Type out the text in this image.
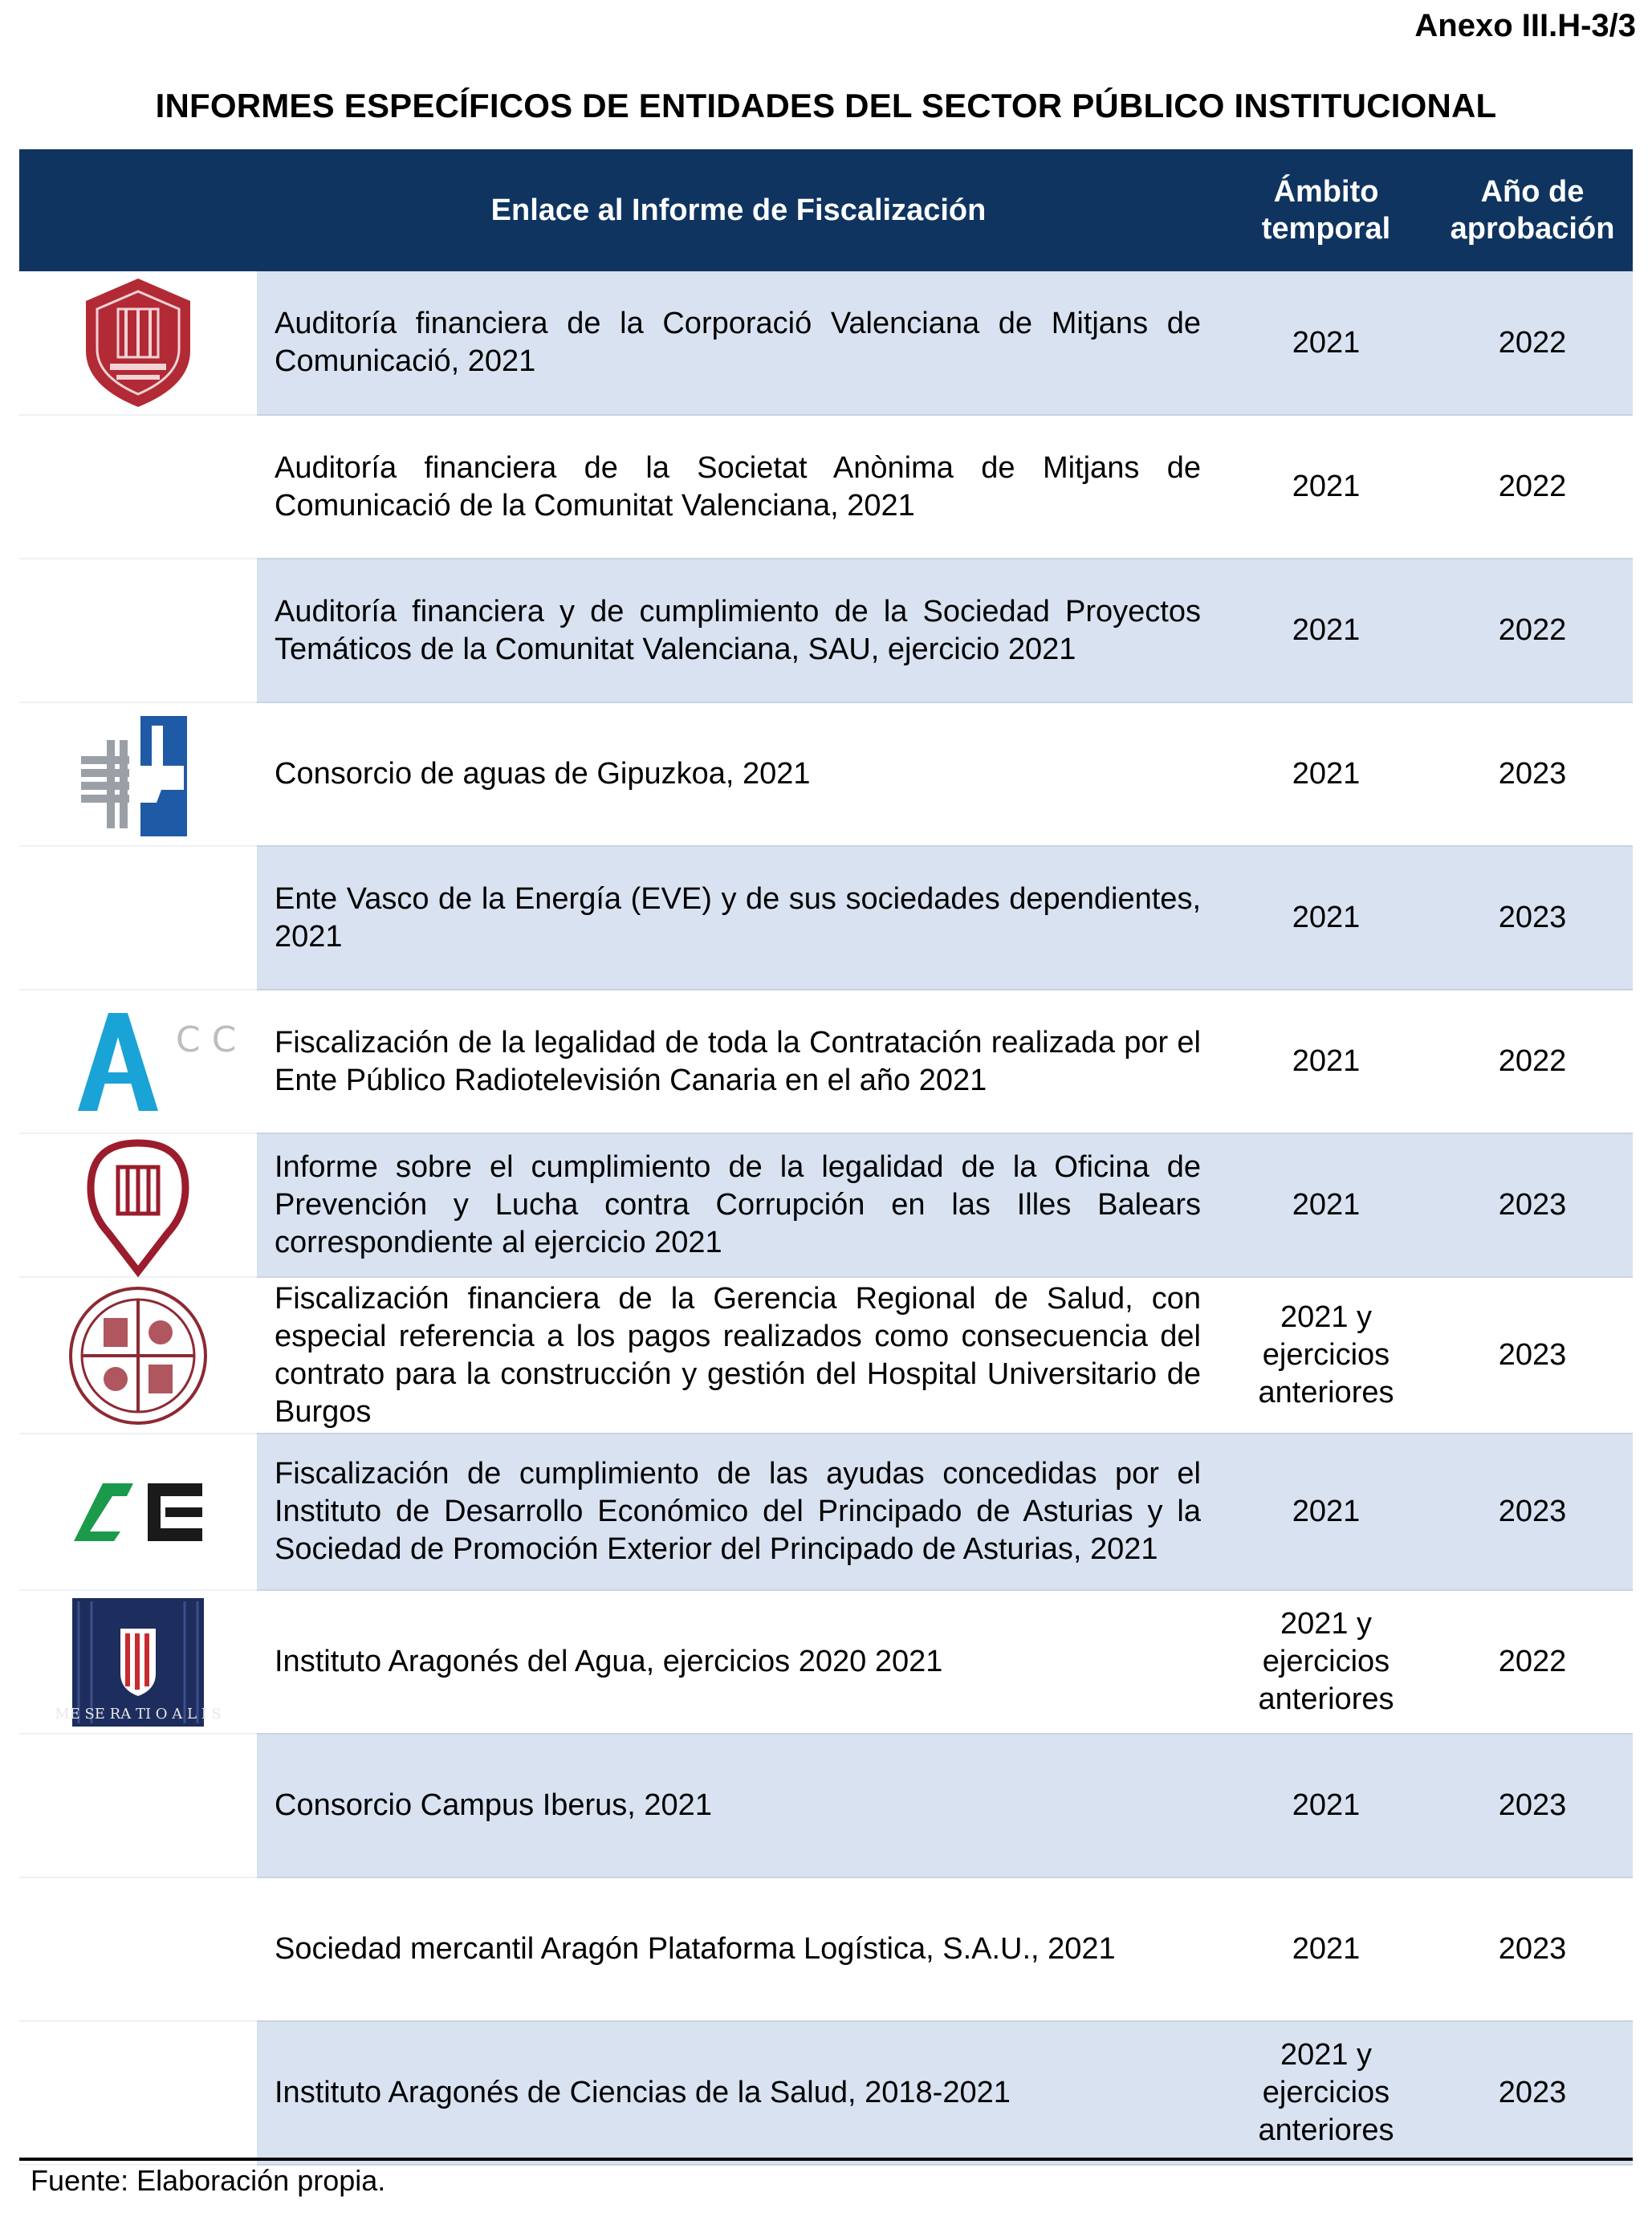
Anexo III.H-3/3
INFORMES ESPECÍFICOS DE ENTIDADES DEL SECTOR PÚBLICO INSTITUCIONAL
	Enlace al Informe de Fiscalización	Ámbito temporal	Año de aprobación

	Auditoría financiera de la Corporació Valenciana de Mitjans de Comunicació, 2021	2021	2022
	Auditoría financiera de la Societat Anònima de Mitjans de Comunicació de la Comunitat Valenciana, 2021	2021	2022
	Auditoría financiera y de cumplimiento de la Sociedad Proyectos Temáticos de la Comunitat Valenciana, SAU, ejercicio 2021	2021	2022

	Consorcio de aguas de Gipuzkoa, 2021	2021	2023
	Ente Vasco de la Energía (EVE) y de sus sociedades dependientes, 2021	2021	2023

C C	Fiscalización de la legalidad de toda la Contratación realizada por el Ente Público Radiotelevisión Canaria en el año 2021	2021	2022

	Informe sobre el cumplimiento de la legalidad de la Oficina de Prevención y Lucha contra Corrupción en las Illes Balears correspondiente al ejercicio 2021	2021	2023

	Fiscalización financiera de la Gerencia Regional de Salud, con especial referencia a los pagos realizados como consecuencia del contrato para la construcción y gestión del Hospital Universitario de Burgos	2021 y ejercicios anteriores	2023

	Fiscalización de cumplimiento de las ayudas concedidas por el Instituto de Desarrollo Económico del Principado de Asturias y la Sociedad de Promoción Exterior del Principado de Asturias, 2021	2021	2023

ME SE RA TI O A L I S	Instituto Aragonés del Agua, ejercicios 2020 2021	2021 y ejercicios anteriores	2022
	Consorcio Campus Iberus, 2021	2021	2023
	Sociedad mercantil Aragón Plataforma Logística, S.A.U., 2021	2021	2023
	Instituto Aragonés de Ciencias de la Salud, 2018-2021	2021 y ejercicios anteriores	2023
Fuente: Elaboración propia.
